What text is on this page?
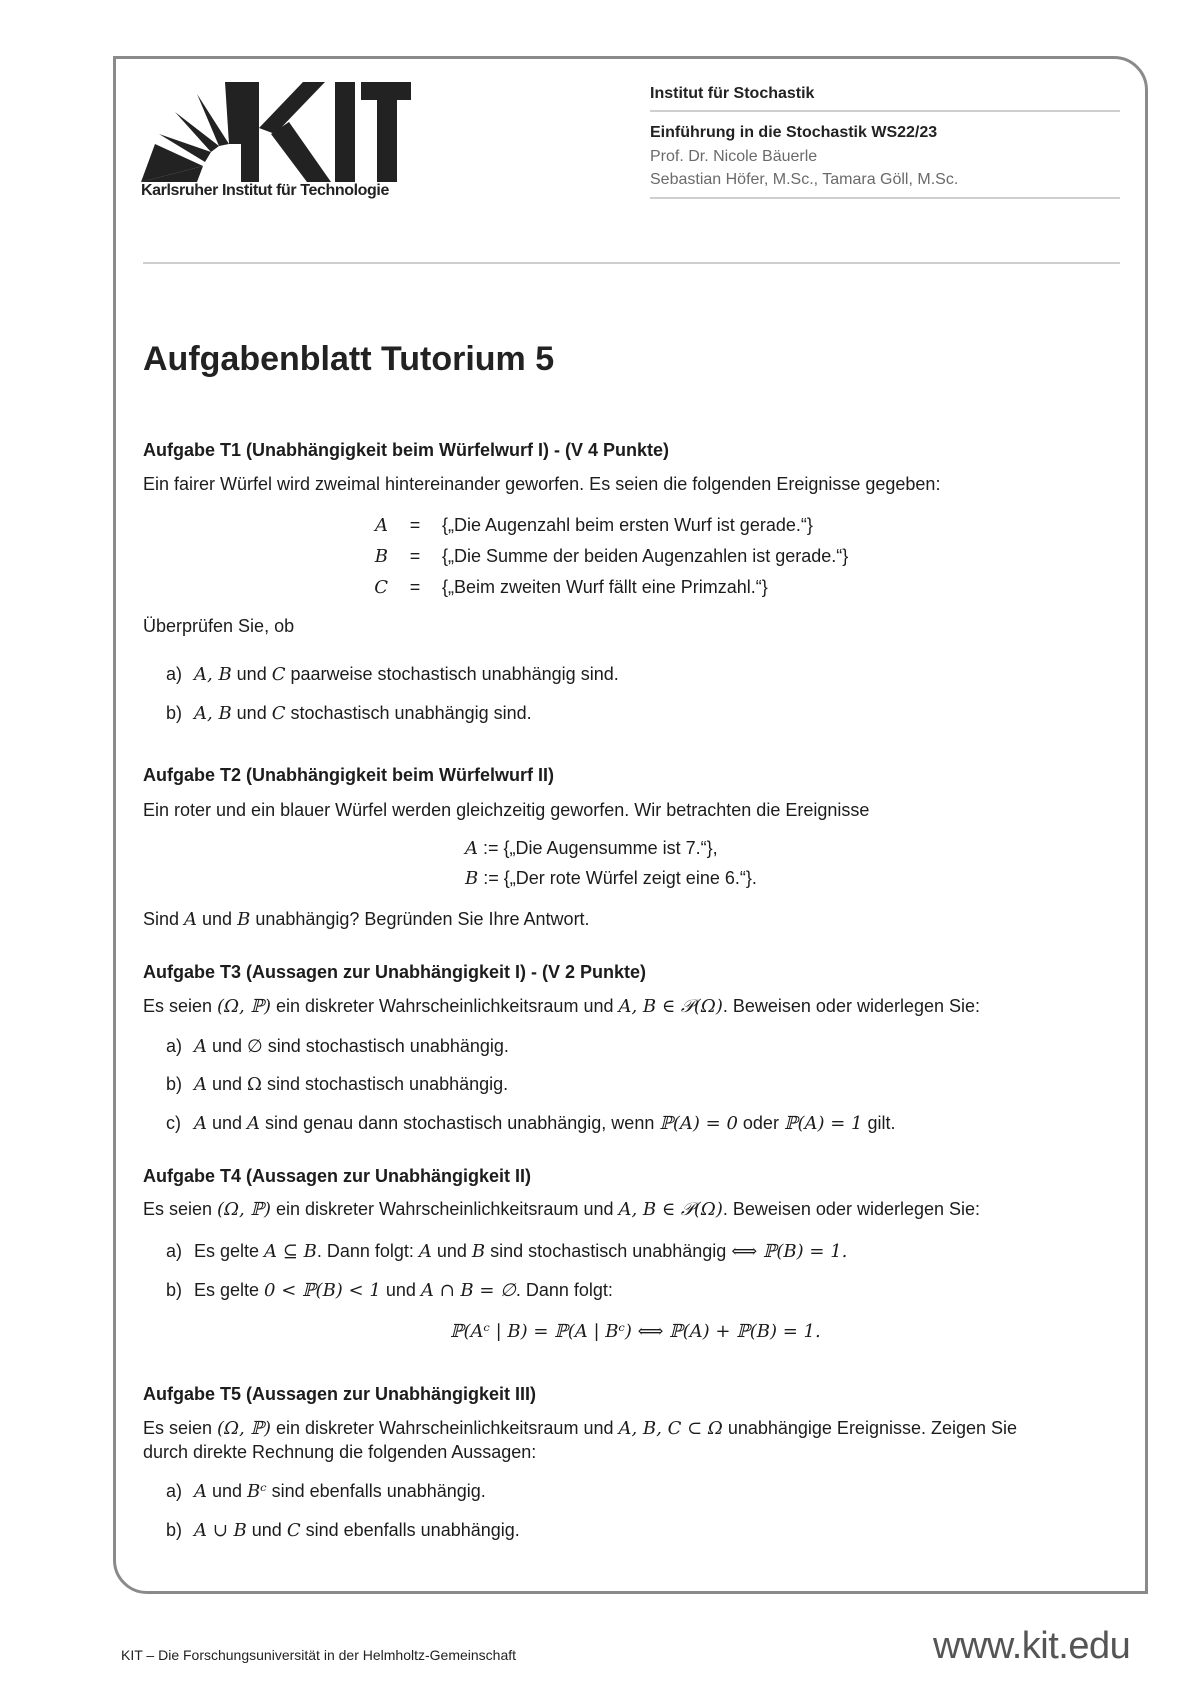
Karlsruher Institut für Technologie
Institut für Stochastik
Einführung in die Stochastik WS22/23
Prof. Dr. Nicole Bäuerle
Sebastian Höfer, M.Sc., Tamara Göll, M.Sc.
Aufgabenblatt Tutorium 5
Aufgabe T1 (Unabhängigkeit beim Würfelwurf I) - (V 4 Punkte)
Ein fairer Würfel wird zweimal hintereinander geworfen. Es seien die folgenden Ereignisse gegeben:
A	=	{„Die Augenzahl beim ersten Wurf ist gerade.“}
B	=	{„Die Summe der beiden Augenzahlen ist gerade.“}
C	=	{„Beim zweiten Wurf fällt eine Primzahl.“}
Überprüfen Sie, ob
a) A, B und C paarweise stochastisch unabhängig sind.
b) A, B und C stochastisch unabhängig sind.
Aufgabe T2 (Unabhängigkeit beim Würfelwurf II)
Ein roter und ein blauer Würfel werden gleichzeitig geworfen. Wir betrachten die Ereignisse
A := {„Die Augensumme ist 7.“},
B := {„Der rote Würfel zeigt eine 6.“}.
Sind A und B unabhängig? Begründen Sie Ihre Antwort.
Aufgabe T3 (Aussagen zur Unabhängigkeit I) - (V 2 Punkte)
Es seien (Ω, ℙ) ein diskreter Wahrscheinlichkeitsraum und A, B ∈ 𝒫(Ω). Beweisen oder widerlegen Sie:
a) A und ∅ sind stochastisch unabhängig.
b) A und Ω sind stochastisch unabhängig.
c) A und A sind genau dann stochastisch unabhängig, wenn ℙ(A) = 0 oder ℙ(A) = 1 gilt.
Aufgabe T4 (Aussagen zur Unabhängigkeit II)
Es seien (Ω, ℙ) ein diskreter Wahrscheinlichkeitsraum und A, B ∈ 𝒫(Ω). Beweisen oder widerlegen Sie:
a) Es gelte A ⊆ B. Dann folgt: A und B sind stochastisch unabhängig ⟺ ℙ(B) = 1.
b) Es gelte 0 < ℙ(B) < 1 und A ∩ B = ∅. Dann folgt:
ℙ(Aᶜ | B) = ℙ(A | Bᶜ) ⟺ ℙ(A) + ℙ(B) = 1.
Aufgabe T5 (Aussagen zur Unabhängigkeit III)
Es seien (Ω, ℙ) ein diskreter Wahrscheinlichkeitsraum und A, B, C ⊂ Ω unabhängige Ereignisse. Zeigen Sie
durch direkte Rechnung die folgenden Aussagen:
a) A und Bᶜ sind ebenfalls unabhängig.
b) A ∪ B und C sind ebenfalls unabhängig.
KIT – Die Forschungsuniversität in der Helmholtz-Gemeinschaft	www.kit.edu
